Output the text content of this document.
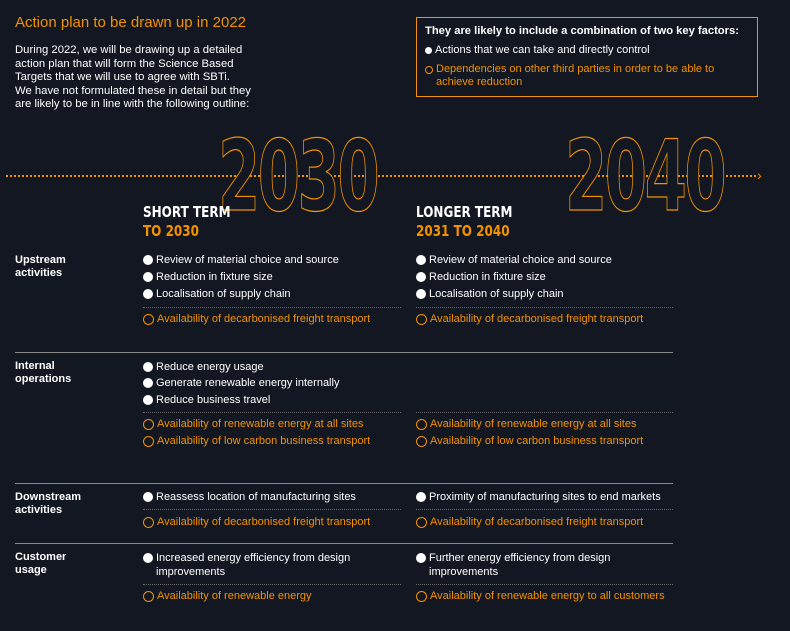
Action plan to be drawn up in 2022
During 2022, we will be drawing up a detailed
action plan that will form the Science Based
Targets that we will use to agree with SBTi.
We have not formulated these in detail but they
are likely to be in line with the following outline:
They are likely to include a combination of two key factors:
Actions that we can take and directly control
Dependencies on other third parties in order to be able to achieve reduction
›
2030 2040
SHORT TERM
TO 2030
LONGER TERM
2031 TO 2040
Upstream
activities
Review of material choice and source
Reduction in fixture size
Localisation of supply chain
Availability of decarbonised freight transport
Review of material choice and source
Reduction in fixture size
Localisation of supply chain
Availability of decarbonised freight transport
Internal
operations
Reduce energy usage
Generate renewable energy internally
Reduce business travel
Availability of renewable energy at all sites
Availability of low carbon business transport
Availability of renewable energy at all sites
Availability of low carbon business transport
Downstream
activities
Reassess location of manufacturing sites
Availability of decarbonised freight transport
Proximity of manufacturing sites to end markets
Availability of decarbonised freight transport
Customer
usage
Increased energy efficiency from design
improvements
Availability of renewable energy
Further energy efficiency from design
improvements
Availability of renewable energy to all customers
